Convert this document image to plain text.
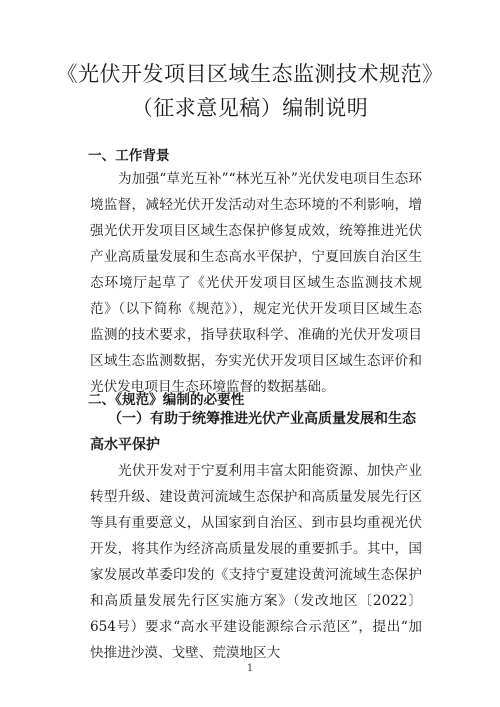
《光伏开发项目区域生态监测技术规范》
（征求意见稿）编制说明
一、工作背景

为加强“草光互补”“林光互补”光伏发电项目生态环境监督，减轻光伏开发活动对生态环境的不利影响，增强光伏开发项目区域生态保护修复成效，统筹推进光伏产业高质量发展和生态高水平保护，宁夏回族自治区生态环境厅起草了《光伏开发项目区域生态监测技术规范》（以下简称《规范》），规定光伏开发项目区域生态监测的技术要求，指导获取科学、准确的光伏开发项目区域生态监测数据，夯实光伏开发项目区域生态评价和光伏发电项目生态环境监督的数据基础。

二、《规范》编制的必要性
（一）有助于统筹推进光伏产业高质量发展和生态高水平保护

光伏开发对于宁夏利用丰富太阳能资源、加快产业转型升级、建设黄河流域生态保护和高质量发展先行区等具有重要意义，从国家到自治区、到市县均重视光伏开发，将其作为经济高质量发展的重要抓手。其中，国家发展改革委印发的《支持宁夏建设黄河流域生态保护和高质量发展先行区实施方案》（发改地区〔2022〕654号）要求“高水平建设能源综合示范区”，提出“加快推进沙漠、戈壁、荒漠地区大

1
